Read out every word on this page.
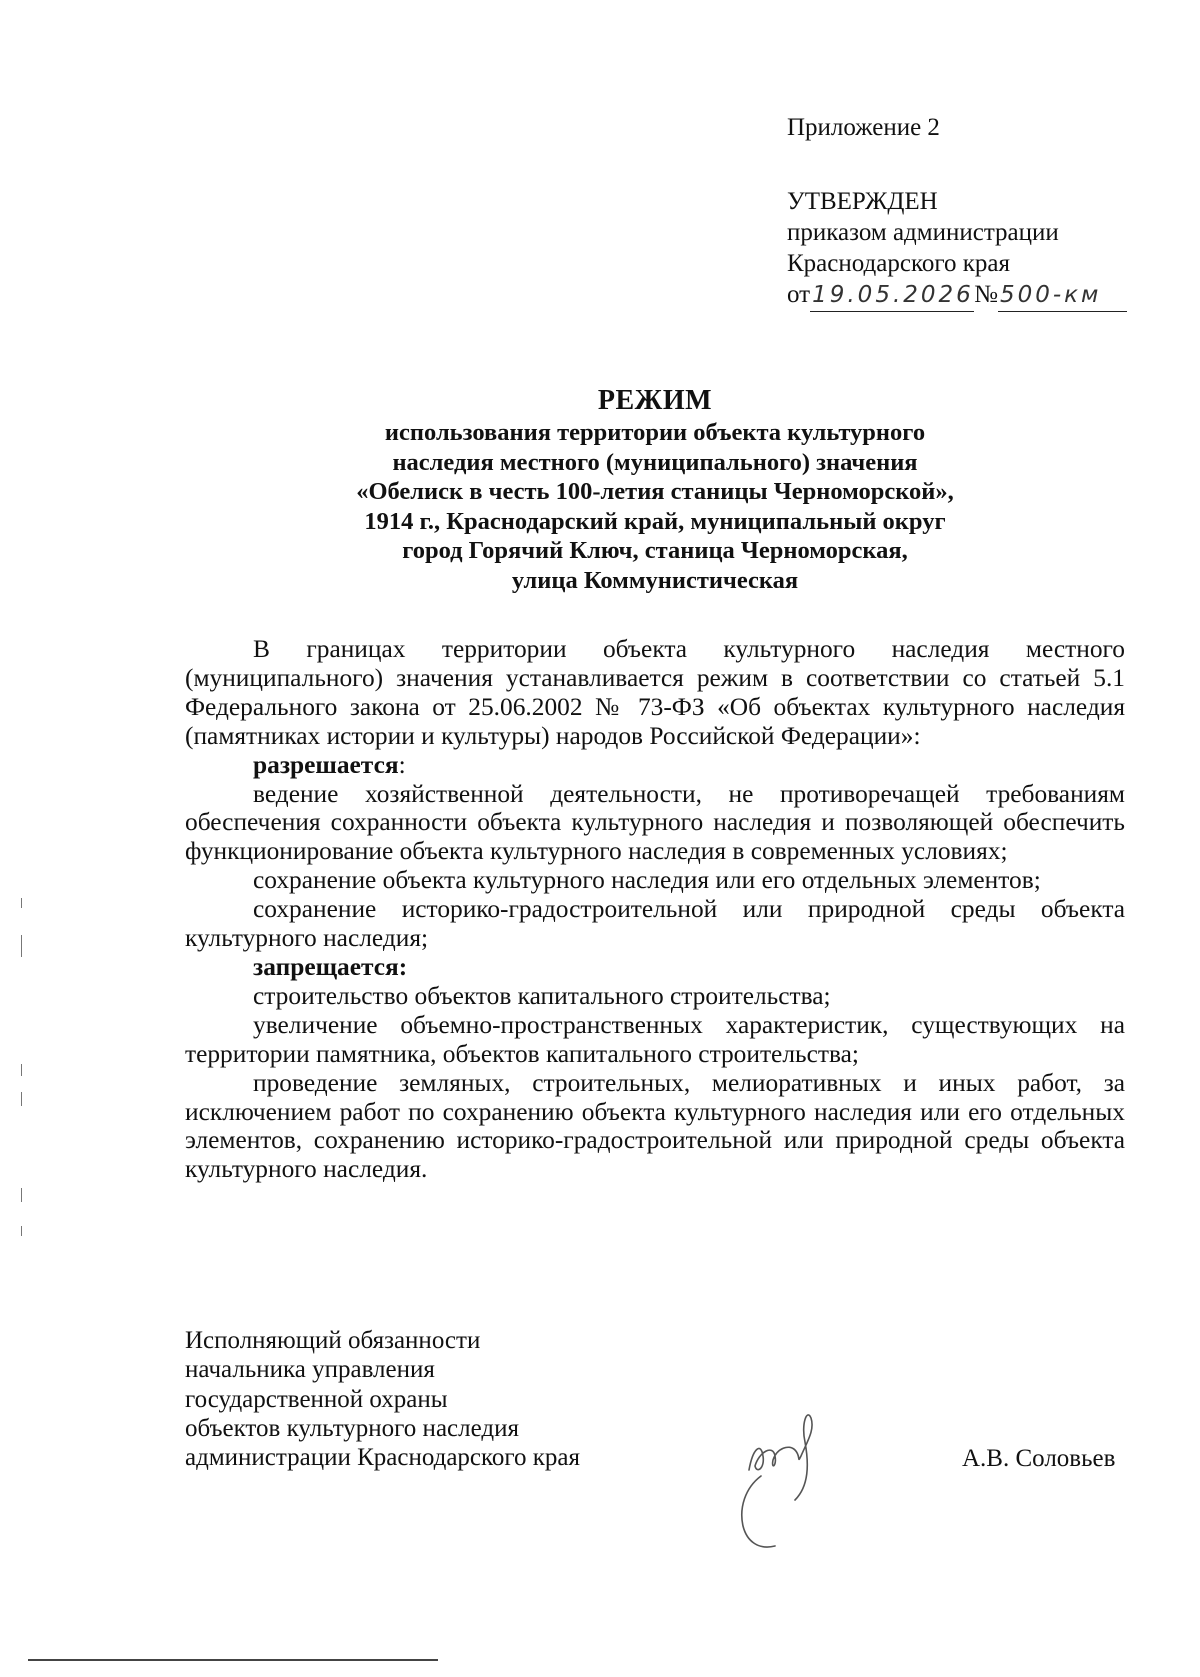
Приложение 2
УТВЕРЖДЕН
приказом администрации
Краснодарского края
от19.05.2026№500-км
РЕЖИМ
использования территории объекта культурного
наследия местного (муниципального) значения
«Обелиск в честь 100-летия станицы Черноморской»,
1914 г., Краснодарский край, муниципальный округ
город Горячий Ключ, станица Черноморская,
улица Коммунистическая

В границах территории объекта культурного наследия местного (муниципального) значения устанавливается режим в соответствии со статьей 5.1 Федерального закона от 25.06.2002 № 73-ФЗ «Об объектах культурного наследия (памятниках истории и культуры) народов Российской Федерации»:

разрешается:

ведение хозяйственной деятельности, не противоречащей требованиям обеспечения сохранности объекта культурного наследия и позволяющей обеспечить функционирование объекта культурного наследия в современных условиях;

сохранение объекта культурного наследия или его отдельных элементов;

сохранение историко-градостроительной или природной среды объекта культурного наследия;

запрещается:

строительство объектов капитального строительства;

увеличение объемно-пространственных характеристик, существующих на территории памятника, объектов капитального строительства;

проведение земляных, строительных, мелиоративных и иных работ, за исключением работ по сохранению объекта культурного наследия или его отдельных элементов, сохранению историко-градостроительной или природной среды объекта культурного наследия.

Исполняющий обязанности
начальника управления
государственной охраны
объектов культурного наследия
администрации Краснодарского края	А.В. Соловьев
